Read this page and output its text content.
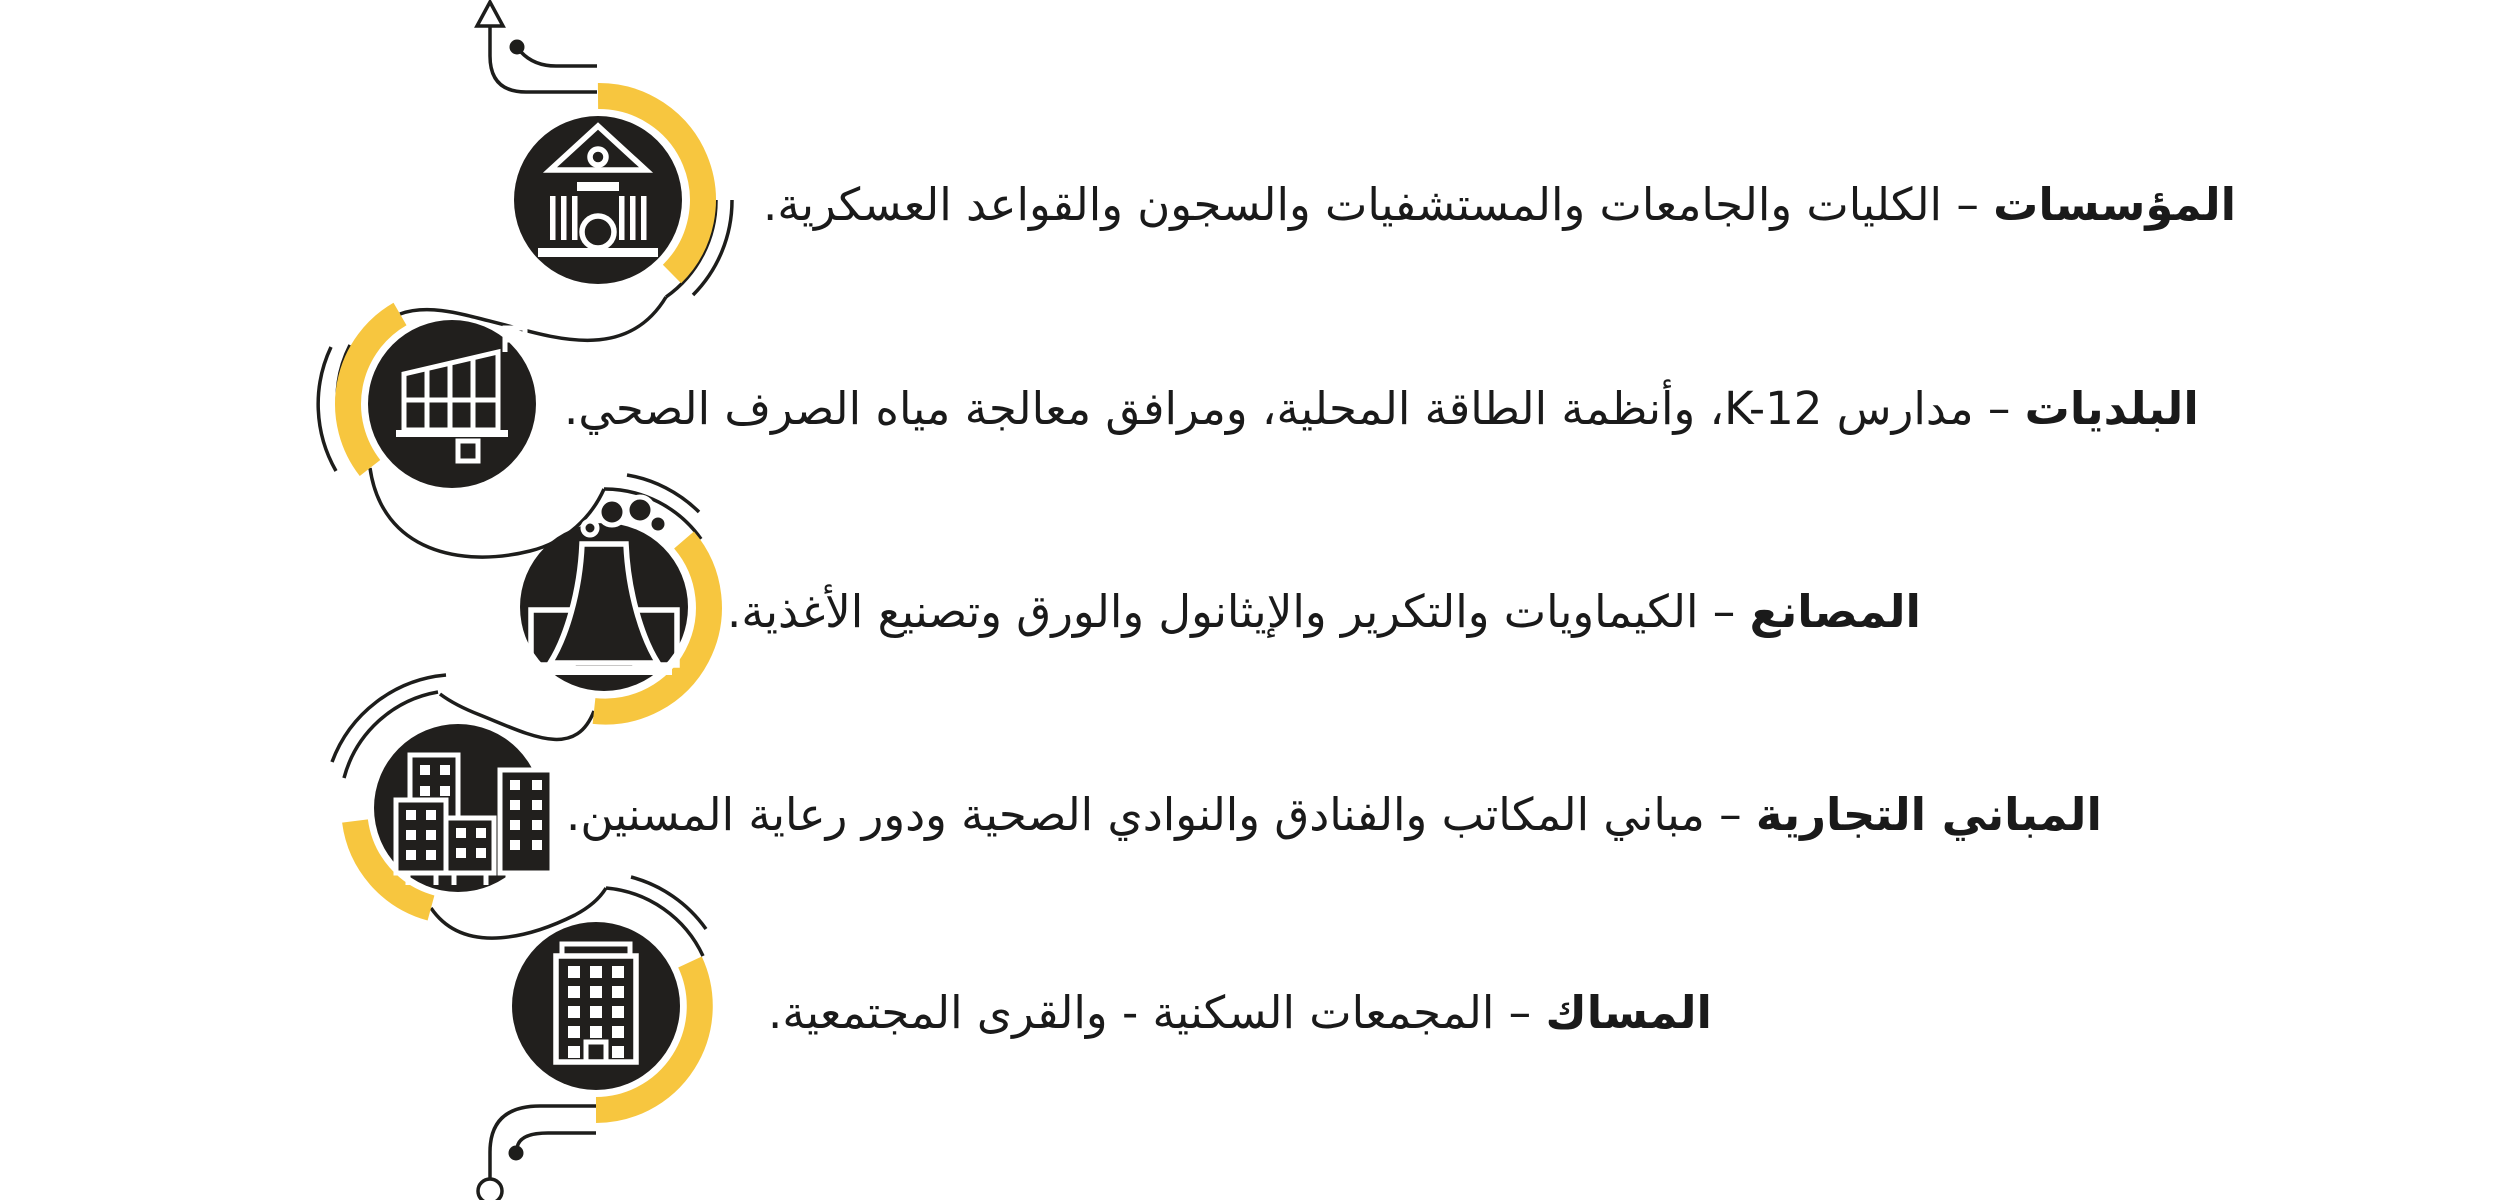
المؤسسات – الكليات والجامعات والمستشفيات والسجون والقواعد العسكرية.
البلديات – مدارس K-12، وأنظمة الطاقة المحلية، ومرافق معالجة مياه الصرف الصحي.
المصانع – الكيماويات والتكرير والإيثانول والورق وتصنيع الأغذية.
المباني التجارية – مباني المكاتب والفنادق والنوادي الصحية ودور رعاية المسنين.
المساك – المجمعات السكنية - والقرى المجتمعية.
